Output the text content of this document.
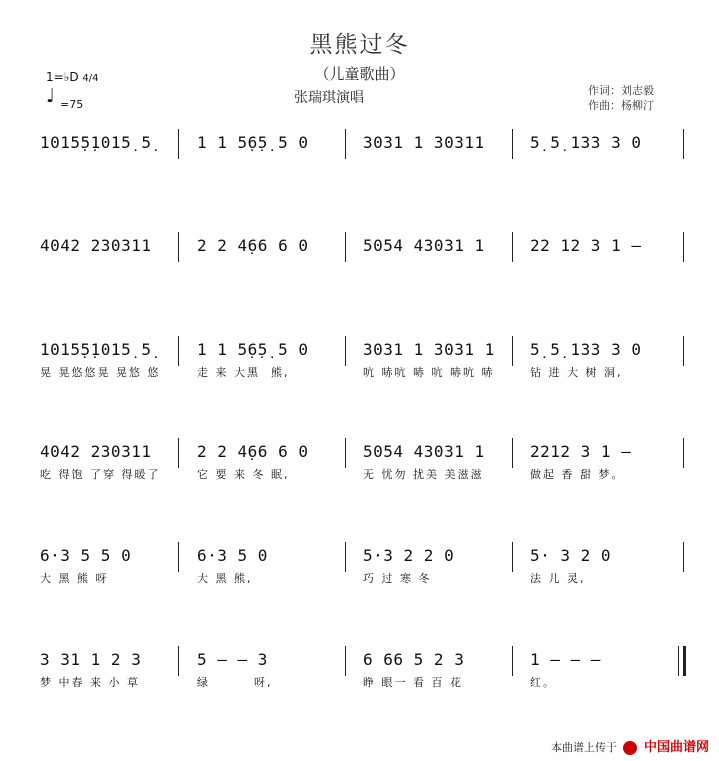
黑熊过冬
（儿童歌曲）
张瑞琪演唱	作词：刘志毅
作曲：杨柳汀
1=♭D 4/4
♩ =75
1015̣5̣1015̣ 5̣	1 1 5̣6̣5̣ 5 0	3031 1 30311	5̣ 5̣ 133 3 0
4042 230311	2 2 4̣66 6 0	5054 43031 1	22 12 3 1 –
1015̣5̣1015̣ 5̣
晃 晃悠悠晃 晃悠 悠
1 1 5̣6̣5̣ 5 0
走 来 大黑  熊,
3031 1 3031 1
吭 哧吭 哧 吭 哧吭 哧
5̣ 5̣ 133 3 0
钻 进 大 树 洞,
4042 230311
吃 得饱 了穿 得暖了
2 2 4̣66 6 0
它 要 来 冬 眠,
5054 43031 1
无 忧勿 扰美 美滋滋
2212 3 1 –
做起 香 甜 梦。
6·3 5 5 0
大 黑 熊 呀
6·3 5 0
大 黑 熊,
5·3 2 2 0
巧 过 寒 冬
5· 3 2 0
法 儿 灵,
3 31 1 2 3
梦 中春 来 小 草
5 – – 3
绿        呀,
6 66 5 2 3
睁 眼一 看 百 花
1 – – –
红。
本曲谱上传于 中国曲谱网
